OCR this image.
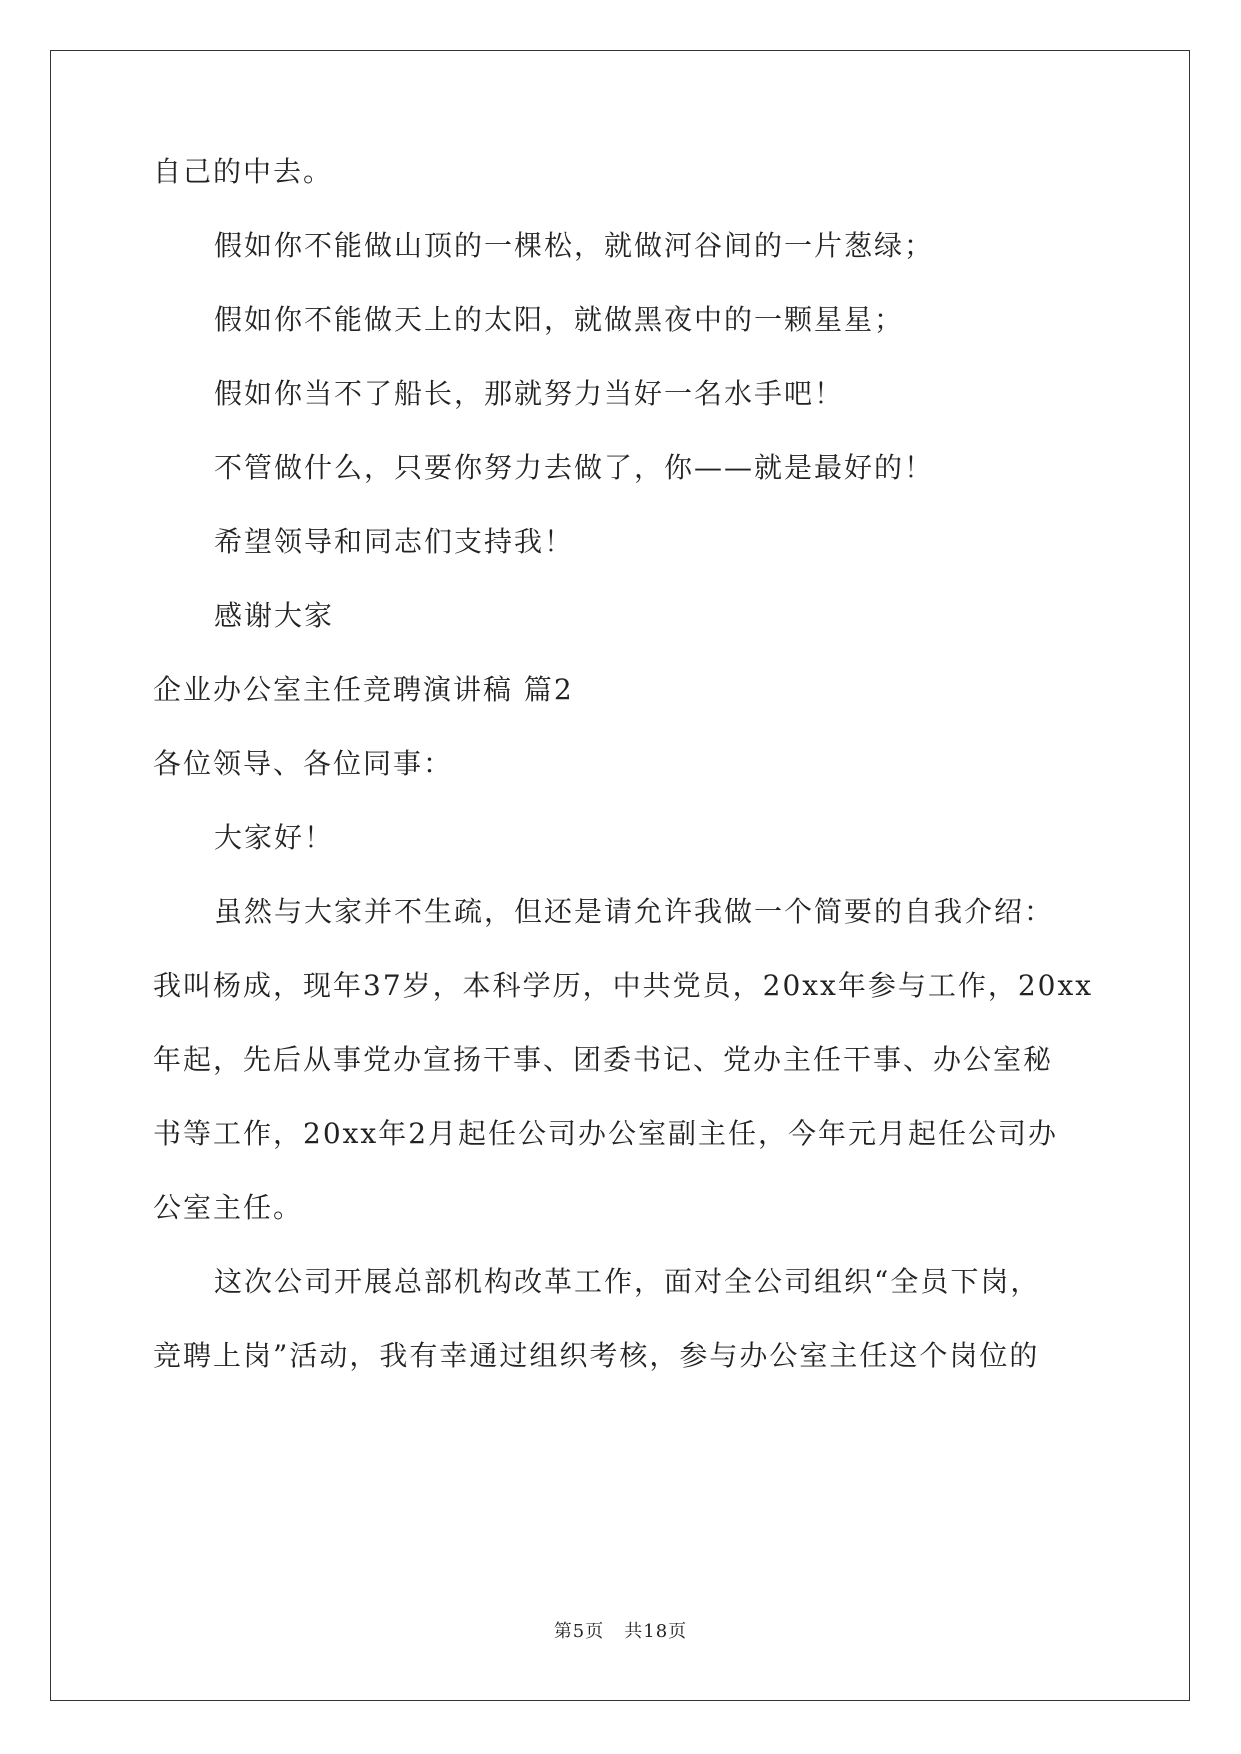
自己的中去。
假如你不能做山顶的一棵松，就做河谷间的一片葱绿；
假如你不能做天上的太阳，就做黑夜中的一颗星星；
假如你当不了船长，那就努力当好一名水手吧！
不管做什么，只要你努力去做了，你——就是最好的！
希望领导和同志们支持我！
感谢大家
企业办公室主任竞聘演讲稿 篇2
各位领导、各位同事：
大家好！
虽然与大家并不生疏，但还是请允许我做一个简要的自我介绍：
我叫杨成，现年37岁，本科学历，中共党员，20xx年参与工作，20xx
年起，先后从事党办宣扬干事、团委书记、党办主任干事、办公室秘
书等工作，20xx年2月起任公司办公室副主任，今年元月起任公司办
公室主任。
这次公司开展总部机构改革工作，面对全公司组织“全员下岗，
竞聘上岗”活动，我有幸通过组织考核，参与办公室主任这个岗位的
第5页 共18页
